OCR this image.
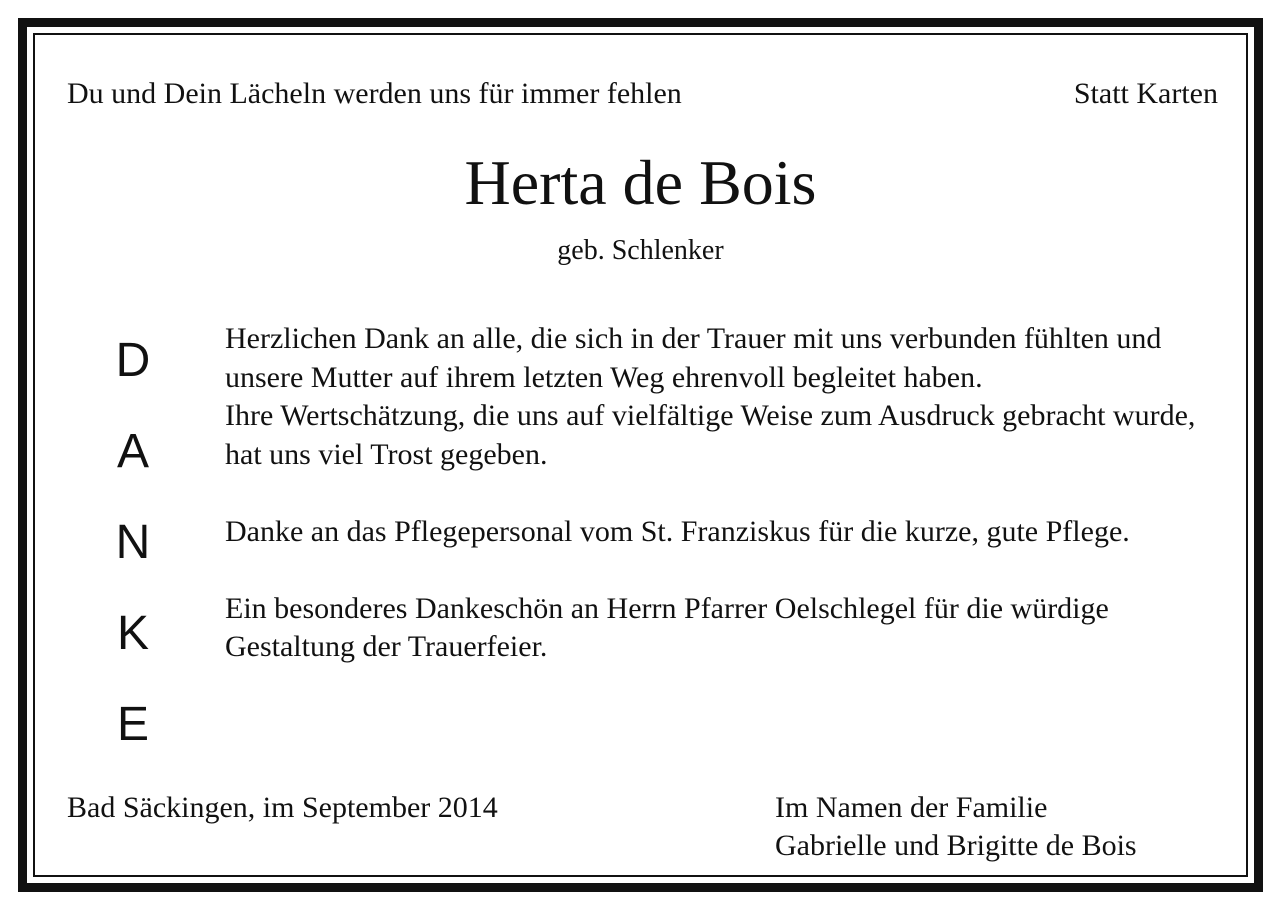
Du und Dein Lächeln werden uns für immer fehlen	Statt Karten
Herta de Bois
geb. Schlenker
D
A
N
K
E

Herzlichen Dank an alle, die sich in der Trauer mit uns verbunden fühlten und unsere Mutter auf ihrem letzten Weg ehrenvoll begleitet haben.

Ihre Wertschätzung, die uns auf vielfältige Weise zum Ausdruck gebracht wurde, hat uns viel Trost gegeben.

Danke an das Pflegepersonal vom St. Franziskus für die kurze, gute Pflege.

Ein besonderes Dankeschön an Herrn Pfarrer Oelschlegel für die würdige Gestaltung der Trauerfeier.

Bad Säckingen, im September 2014	Im Namen der Familie
Gabrielle und Brigitte de Bois
